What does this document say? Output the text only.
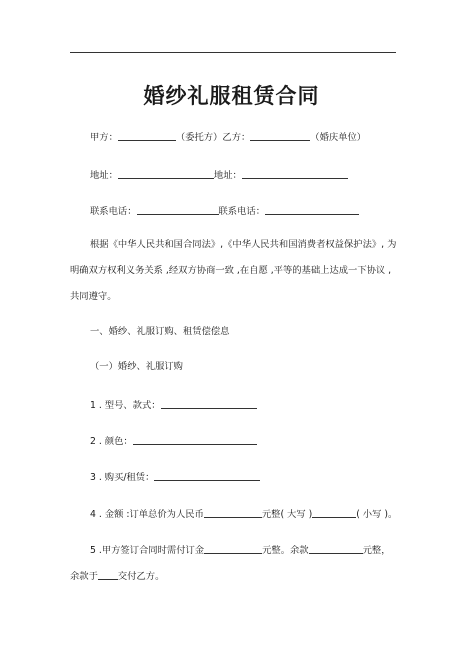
婚纱礼服租赁合同
甲方：	（委托方）乙方：	（婚庆单位）
地址：	地址：
联系电话：	联系电话：
根据《中华人民共和国合同法》,《中华人民共和国消费者权益保护法》, 为明确双方权利义务关系 ,经双方协商一致 ,在自愿 ,平等的基础上达成一下协议 ,共同遵守。
一、婚纱、礼服订购、租赁偿偿息
（一）婚纱、礼服订购
1 . 型号、款式：
2 . 颜色：
3 . 购买/租赁：
4 . 金额 :订单总价为人民币	元整( 大写 )	( 小写 )。
5 .甲方签订合同时需付订金	元整。余款	元整，
余款于 交付乙方。
